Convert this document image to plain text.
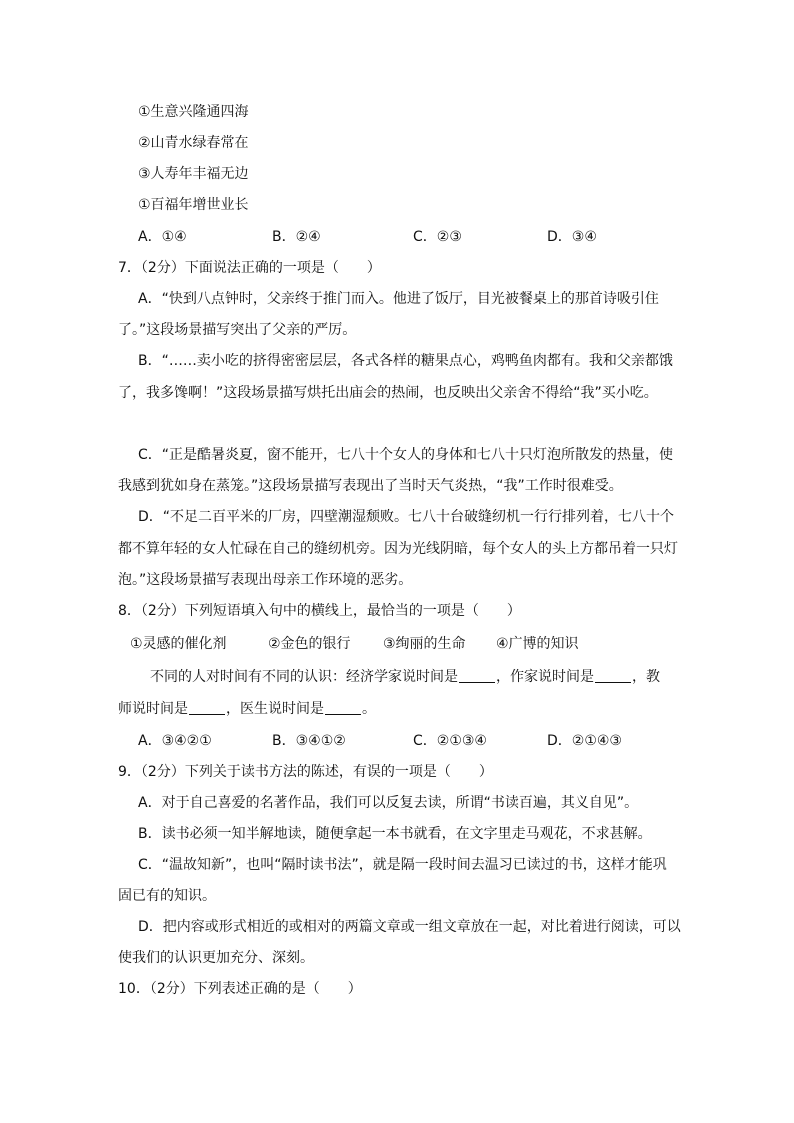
①生意兴隆通四海
②山青水绿春常在
③人寿年丰福无边
①百福年增世业长
A．①④	B．②④	C．②③	D．③④
7．（2分）下面说法正确的一项是（　　）
A．“快到八点钟时，父亲终于推门而入。他进了饭厅，目光被餐桌上的那首诗吸引住
了。”这段场景描写突出了父亲的严厉。
B．“……卖小吃的挤得密密层层，各式各样的糖果点心，鸡鸭鱼肉都有。我和父亲都饿
了，我多馋啊！”这段场景描写烘托出庙会的热闹，也反映出父亲舍不得给“我”买小吃。
C．“正是酷暑炎夏，窗不能开，七八十个女人的身体和七八十只灯泡所散发的热量，使
我感到犹如身在蒸笼。”这段场景描写表现出了当时天气炎热，“我”工作时很难受。
D．“不足二百平米的厂房，四壁潮湿颓败。七八十台破缝纫机一行行排列着，七八十个
都不算年轻的女人忙碌在自己的缝纫机旁。因为光线阴暗，每个女人的头上方都吊着一只灯
泡。”这段场景描写表现出母亲工作环境的恶劣。
8．（2分）下列短语填入句中的横线上，最恰当的一项是（　　）
①灵感的催化剂	②金色的银行 ③绚丽的生命 ④广博的知识
不同的人对时间有不同的认识：经济学家说时间是	，作家说时间是	，教
师说时间是	，医生说时间是	。
A．③④②①	B．③④①②	C．②①③④	D．②①④③
9．（2分）下列关于读书方法的陈述，有误的一项是（　　）
A．对于自己喜爱的名著作品，我们可以反复去读，所谓“书读百遍，其义自见”。
B．读书必须一知半解地读，随便拿起一本书就看，在文字里走马观花，不求甚解。
C．“温故知新”，也叫“隔时读书法”，就是隔一段时间去温习已读过的书，这样才能巩
固已有的知识。
D．把内容或形式相近的或相对的两篇文章或一组文章放在一起，对比着进行阅读，可以
使我们的认识更加充分、深刻。
10．（2分）下列表述正确的是（　　）
